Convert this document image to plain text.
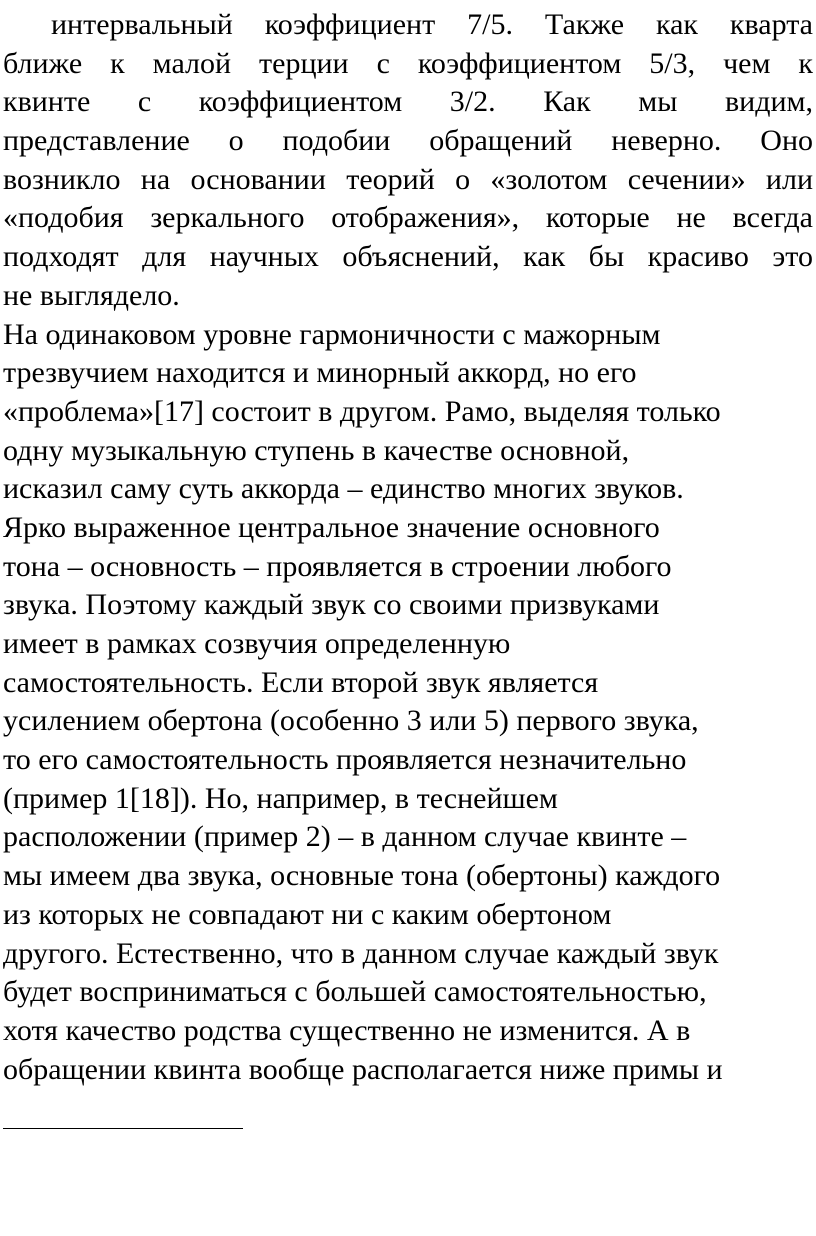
интервальный коэффициент 7/5. Также как кварта
ближе к малой терции с коэффициентом 5/3, чем к
квинте с коэффициентом 3/2. Как мы видим,
представление о подобии обращений неверно. Оно
возникло на основании теорий о «золотом сечении» или
«подобия зеркального отображения», которые не всегда
подходят для научных объяснений, как бы красиво это
не выглядело.
На одинаковом уровне гармоничности с мажорным
трезвучием находится и минорный аккорд, но его
«проблема»[17] состоит в другом. Рамо, выделяя только
одну музыкальную ступень в качестве основной,
исказил саму суть аккорда – единство многих звуков.
Ярко выраженное центральное значение основного
тона – основность – проявляется в строении любого
звука. Поэтому каждый звук со своими призвуками
имеет в рамках созвучия определенную
самостоятельность. Если второй звук является
усилением обертона (особенно 3 или 5) первого звука,
то его самостоятельность проявляется незначительно
(пример 1[18]). Но, например, в теснейшем
расположении (пример 2) – в данном случае квинте –
мы имеем два звука, основные тона (обертоны) каждого
из которых не совпадают ни с каким обертоном
другого. Естественно, что в данном случае каждый звук
будет восприниматься с большей самостоятельностью,
хотя качество родства существенно не изменится. А в
обращении квинта вообще располагается ниже примы и
